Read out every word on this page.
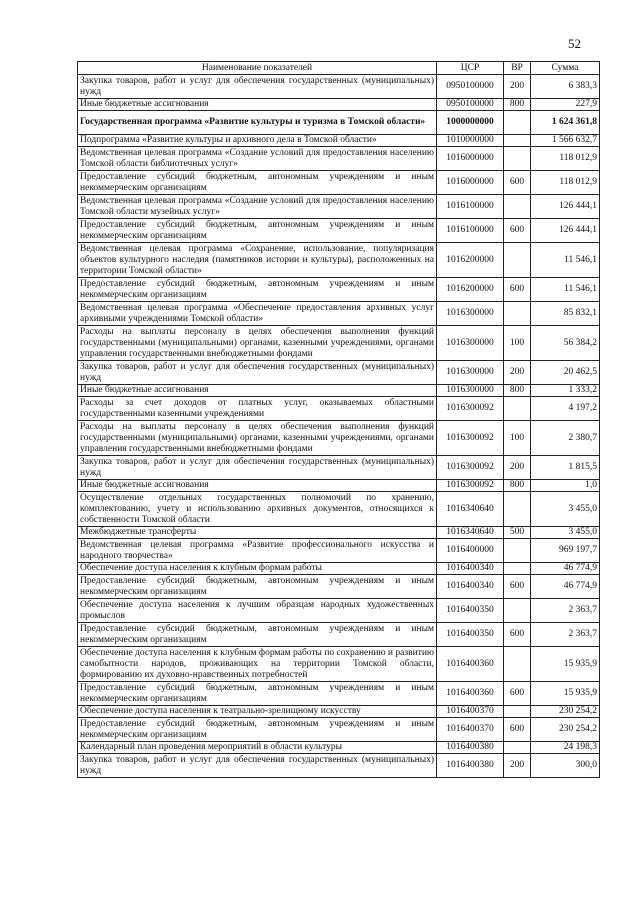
52
Наименование показателей	ЦСР	ВР	Сумма
Закупка товаров, работ и услуг для обеспечения государственных (муниципальных) нужд	0950100000	200	6 383,3
Иные бюджетные ассигнования	0950100000	800	227,9
Государственная программа «Развитие культуры и туризма в Томской области»	1000000000		1 624 361,8
Подпрограмма «Развитие культуры и архивного дела в Томской области»	1010000000		1 566 632,7
Ведомственная целевая программа «Создание условий для предоставления населению Томской области библиотечных услуг»	1016000000		118 012,9
Предоставление субсидий бюджетным, автономным учреждениям и иным некоммерческим организациям	1016000000	600	118 012,9
Ведомственная целевая программа «Создание условий для предоставления населению Томской области музейных услуг»	1016100000		126 444,1
Предоставление субсидий бюджетным, автономным учреждениям и иным некоммерческим организациям	1016100000	600	126 444,1
Ведомственная целевая программа «Сохранение, использование, популяризация объектов культурного наследия (памятников истории и культуры), расположенных на территории Томской области»	1016200000		11 546,1
Предоставление субсидий бюджетным, автономным учреждениям и иным некоммерческим организациям	1016200000	600	11 546,1
Ведомственная целевая программа «Обеспечение предоставления архивных услуг архивными учреждениями Томской области»	1016300000		85 832,1
Расходы на выплаты персоналу в целях обеспечения выполнения функций государственными (муниципальными) органами, казенными учреждениями, органами управления государственными внебюджетными фондами	1016300000	100	56 384,2
Закупка товаров, работ и услуг для обеспечения государственных (муниципальных) нужд	1016300000	200	20 462,5
Иные бюджетные ассигнования	1016300000	800	1 333,2
Расходы за счет доходов от платных услуг, оказываемых областными государственными казенными учреждениями	1016300092		4 197,2
Расходы на выплаты персоналу в целях обеспечения выполнения функций государственными (муниципальными) органами, казенными учреждениями, органами управления государственными внебюджетными фондами	1016300092	100	2 380,7
Закупка товаров, работ и услуг для обеспечения государственных (муниципальных) нужд	1016300092	200	1 815,5
Иные бюджетные ассигнования	1016300092	800	1,0
Осуществление отдельных государственных полномочий по хранению, комплектованию, учету и использованию архивных документов, относящихся к собственности Томской области	1016340640		3 455,0
Межбюджетные трансферты	1016340640	500	3 455,0
Ведомственная целевая программа «Развитие профессионального искусства и народного творчества»	1016400000		969 197,7
Обеспечение доступа населения к клубным формам работы	1016400340		46 774,9
Предоставление субсидий бюджетным, автономным учреждениям и иным некоммерческим организациям	1016400340	600	46 774,9
Обеспечение доступа населения к лучшим образцам народных художественных промыслов	1016400350		2 363,7
Предоставление субсидий бюджетным, автономным учреждениям и иным некоммерческим организациям	1016400350	600	2 363,7
Обеспечение доступа населения к клубным формам работы по сохранению и развитию самобытности народов, проживающих на территории Томской области, формированию их духовно-нравственных потребностей	1016400360		15 935,9
Предоставление субсидий бюджетным, автономным учреждениям и иным некоммерческим организациям	1016400360	600	15 935,9
Обеспечение доступа населения к театрально-зрелищному искусству	1016400370		230 254,2
Предоставление субсидий бюджетным, автономным учреждениям и иным некоммерческим организациям	1016400370	600	230 254,2
Календарный план проведения мероприятий в области культуры	1016400380		24 198,3
Закупка товаров, работ и услуг для обеспечения государственных (муниципальных) нужд	1016400380	200	300,0
